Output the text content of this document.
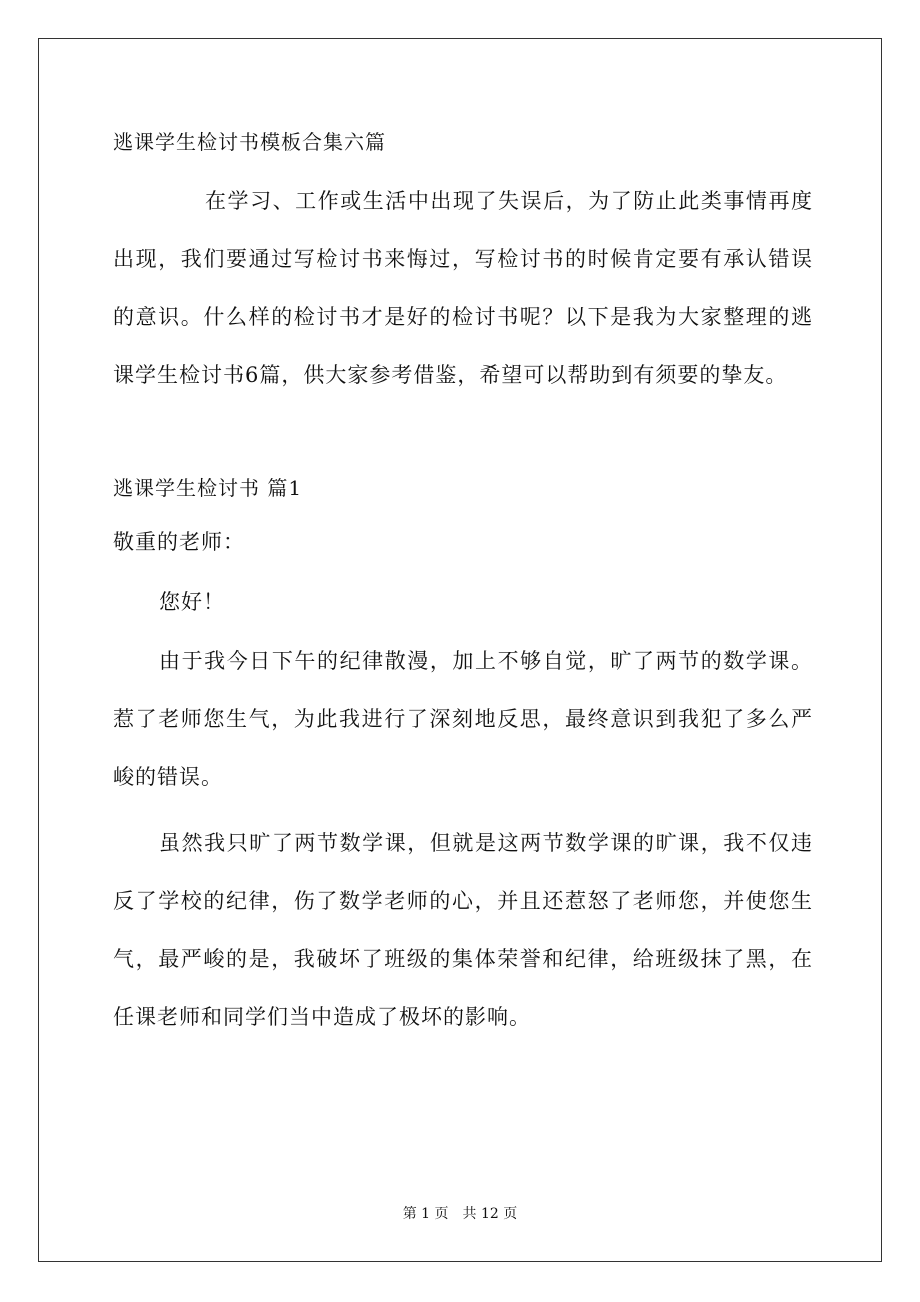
逃课学生检讨书模板合集六篇

在学习、工作或生活中出现了失误后，为了防止此类事情再度出现，我们要通过写检讨书来悔过，写检讨书的时候肯定要有承认错误的意识。什么样的检讨书才是好的检讨书呢？以下是我为大家整理的逃课学生检讨书6篇，供大家参考借鉴，希望可以帮助到有须要的挚友。

逃课学生检讨书 篇1

敬重的老师：

您好！

由于我今日下午的纪律散漫，加上不够自觉，旷了两节的数学课。惹了老师您生气，为此我进行了深刻地反思，最终意识到我犯了多么严峻的错误。

虽然我只旷了两节数学课，但就是这两节数学课的旷课，我不仅违反了学校的纪律，伤了数学老师的心，并且还惹怒了老师您，并使您生气，最严峻的是，我破坏了班级的集体荣誉和纪律，给班级抹了黑，在任课老师和同学们当中造成了极坏的影响。

第 1 页　共 12 页
